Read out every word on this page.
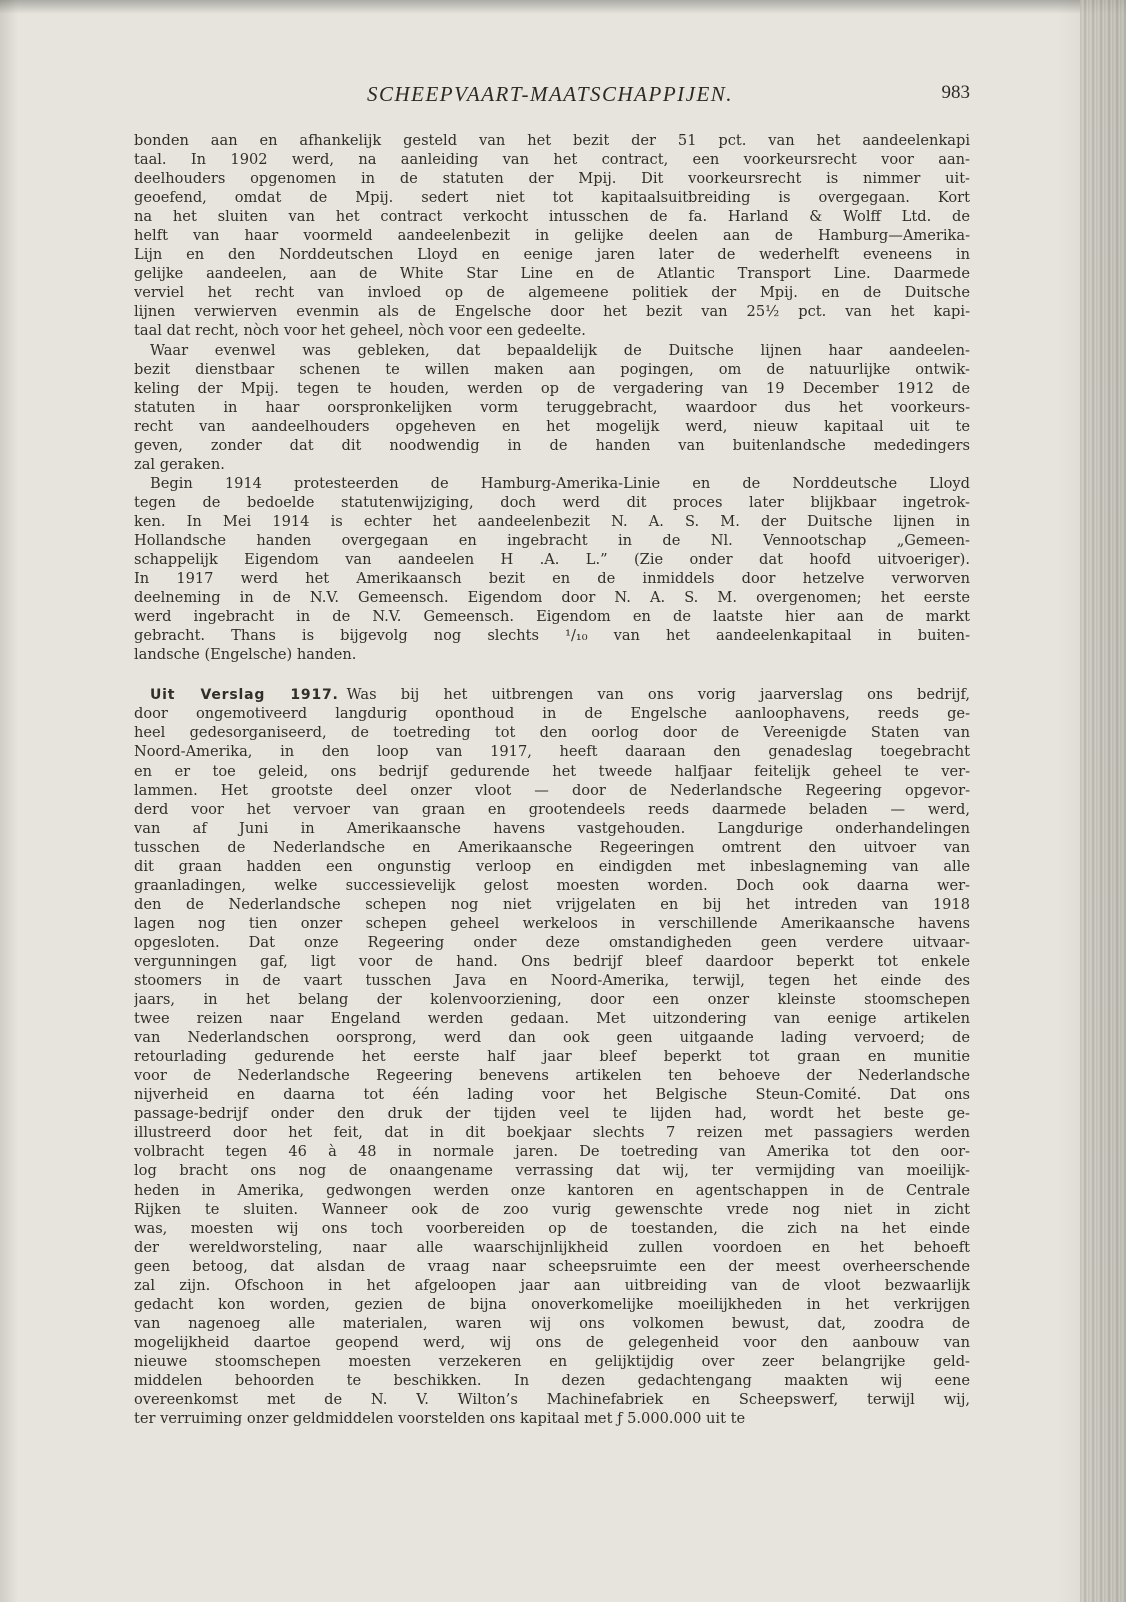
SCHEEPVAART-MAATSCHAPPIJEN.	983
bonden aan en afhankelijk gesteld van het bezit der 51 pct. van het aandeelenkapi
taal. In 1902 werd, na aanleiding van het contract, een voorkeursrecht voor aan-
deelhouders opgenomen in de statuten der Mpij. Dit voorkeursrecht is nimmer uit-
geoefend, omdat de Mpij. sedert niet tot kapitaalsuitbreiding is overgegaan. Kort
na het sluiten van het contract verkocht intusschen de fa. Harland & Wolff Ltd. de
helft van haar voormeld aandeelenbezit in gelijke deelen aan de Hamburg—Amerika-
Lijn en den Norddeutschen Lloyd en eenige jaren later de wederhelft eveneens in
gelijke aandeelen, aan de White Star Line en de Atlantic Transport Line. Daarmede
verviel het recht van invloed op de algemeene politiek der Mpij. en de Duitsche
lijnen verwierven evenmin als de Engelsche door het bezit van 25½ pct. van het kapi-
taal dat recht, nòch voor het geheel, nòch voor een gedeelte.
Waar evenwel was gebleken, dat bepaaldelijk de Duitsche lijnen haar aandeelen-
bezit dienstbaar schenen te willen maken aan pogingen, om de natuurlijke ontwik-
keling der Mpij. tegen te houden, werden op de vergadering van 19 December 1912 de
statuten in haar oorspronkelijken vorm teruggebracht, waardoor dus het voorkeurs-
recht van aandeelhouders opgeheven en het mogelijk werd, nieuw kapitaal uit te
geven, zonder dat dit noodwendig in de handen van buitenlandsche mededingers
zal geraken.
Begin 1914 protesteerden de Hamburg-Amerika-Linie en de Norddeutsche Lloyd
tegen de bedoelde statutenwijziging, doch werd dit proces later blijkbaar ingetrok-
ken. In Mei 1914 is echter het aandeelenbezit N. A. S. M. der Duitsche lijnen in
Hollandsche handen overgegaan en ingebracht in de Nl. Vennootschap „Gemeen-
schappelijk Eigendom van aandeelen H .A. L.” (Zie onder dat hoofd uitvoeriger).
In 1917 werd het Amerikaansch bezit en de inmiddels door hetzelve verworven
deelneming in de N.V. Gemeensch. Eigendom door N. A. S. M. overgenomen; het eerste
werd ingebracht in de N.V. Gemeensch. Eigendom en de laatste hier aan de markt
gebracht. Thans is bijgevolg nog slechts ¹/₁₀ van het aandeelenkapitaal in buiten-
landsche (Engelsche) handen.
Uit Verslag 1917. Was bij het uitbrengen van ons vorig jaarverslag ons bedrijf,
door ongemotiveerd langdurig oponthoud in de Engelsche aanloophavens, reeds ge-
heel gedesorganiseerd, de toetreding tot den oorlog door de Vereenigde Staten van
Noord-Amerika, in den loop van 1917, heeft daaraan den genadeslag toegebracht
en er toe geleid, ons bedrijf gedurende het tweede halfjaar feitelijk geheel te ver-
lammen. Het grootste deel onzer vloot — door de Nederlandsche Regeering opgevor-
derd voor het vervoer van graan en grootendeels reeds daarmede beladen — werd,
van af Juni in Amerikaansche havens vastgehouden. Langdurige onderhandelingen
tusschen de Nederlandsche en Amerikaansche Regeeringen omtrent den uitvoer van
dit graan hadden een ongunstig verloop en eindigden met inbeslagneming van alle
graanladingen, welke successievelijk gelost moesten worden. Doch ook daarna wer-
den de Nederlandsche schepen nog niet vrijgelaten en bij het intreden van 1918
lagen nog tien onzer schepen geheel werkeloos in verschillende Amerikaansche havens
opgesloten. Dat onze Regeering onder deze omstandigheden geen verdere uitvaar-
vergunningen gaf, ligt voor de hand. Ons bedrijf bleef daardoor beperkt tot enkele
stoomers in de vaart tusschen Java en Noord-Amerika, terwijl, tegen het einde des
jaars, in het belang der kolenvoorziening, door een onzer kleinste stoomschepen
twee reizen naar Engeland werden gedaan. Met uitzondering van eenige artikelen
van Nederlandschen oorsprong, werd dan ook geen uitgaande lading vervoerd; de
retourlading gedurende het eerste half jaar bleef beperkt tot graan en munitie
voor de Nederlandsche Regeering benevens artikelen ten behoeve der Nederlandsche
nijverheid en daarna tot één lading voor het Belgische Steun-Comité. Dat ons
passage-bedrijf onder den druk der tijden veel te lijden had, wordt het beste ge-
illustreerd door het feit, dat in dit boekjaar slechts 7 reizen met passagiers werden
volbracht tegen 46 à 48 in normale jaren. De toetreding van Amerika tot den oor-
log bracht ons nog de onaangename verrassing dat wij, ter vermijding van moeilijk-
heden in Amerika, gedwongen werden onze kantoren en agentschappen in de Centrale
Rijken te sluiten. Wanneer ook de zoo vurig gewenschte vrede nog niet in zicht
was, moesten wij ons toch voorbereiden op de toestanden, die zich na het einde
der wereldworsteling, naar alle waarschijnlijkheid zullen voordoen en het behoeft
geen betoog, dat alsdan de vraag naar scheepsruimte een der meest overheerschende
zal zijn. Ofschoon in het afgeloopen jaar aan uitbreiding van de vloot bezwaarlijk
gedacht kon worden, gezien de bijna onoverkomelijke moeilijkheden in het verkrijgen
van nagenoeg alle materialen, waren wij ons volkomen bewust, dat, zoodra de
mogelijkheid daartoe geopend werd, wij ons de gelegenheid voor den aanbouw van
nieuwe stoomschepen moesten verzekeren en gelijktijdig over zeer belangrijke geld-
middelen behoorden te beschikken. In dezen gedachtengang maakten wij eene
overeenkomst met de N. V. Wilton’s Machinefabriek en Scheepswerf, terwijl wij,
ter verruiming onzer geldmiddelen voorstelden ons kapitaal met ƒ 5.000.000 uit te
